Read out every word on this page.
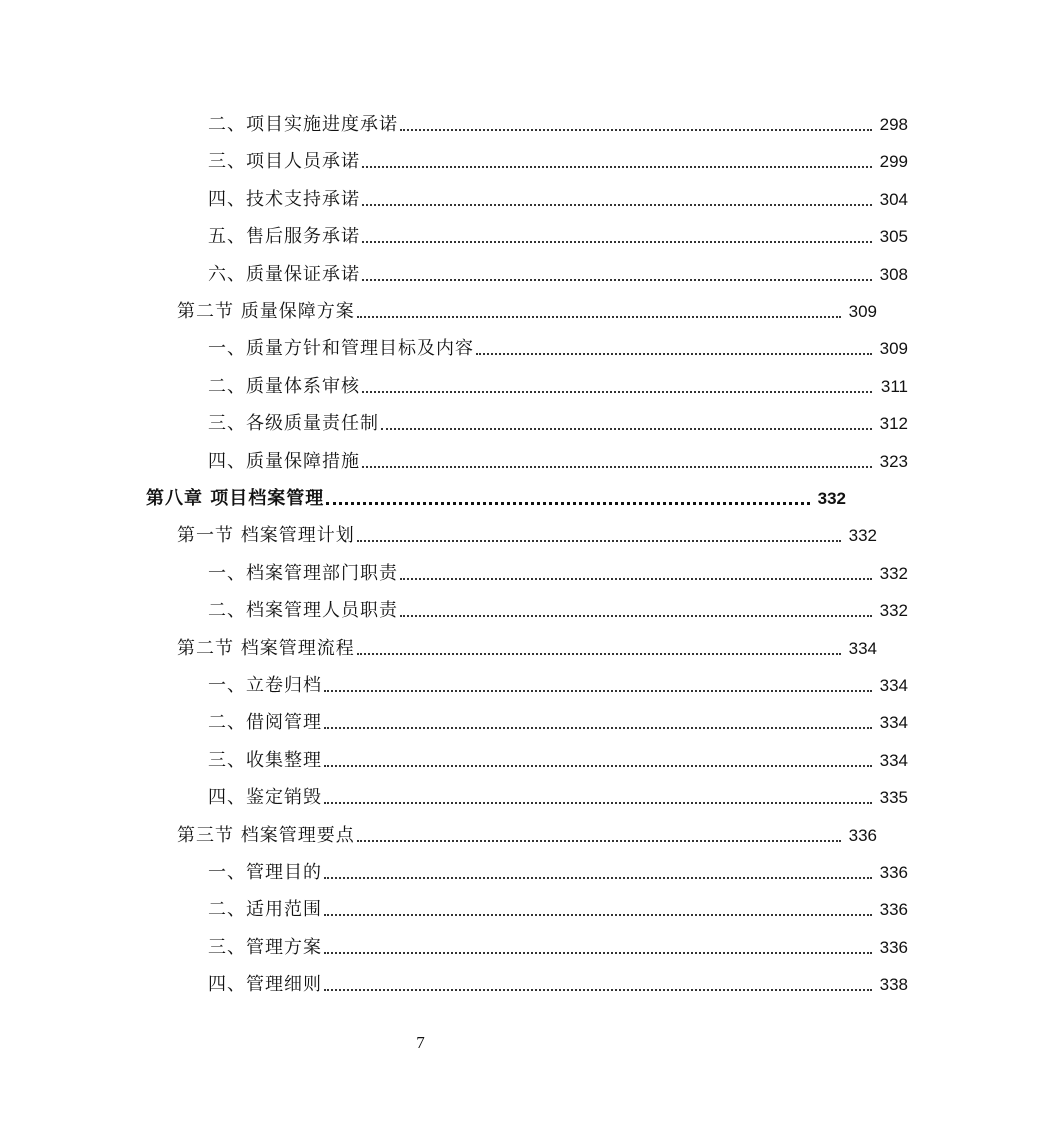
二、项目实施进度承诺	298
三、项目人员承诺	299
四、技术支持承诺	304
五、售后服务承诺	305
六、质量保证承诺	308
第二节 质量保障方案	309
一、质量方针和管理目标及内容	309
二、质量体系审核	311
三、各级质量责任制	312
四、质量保障措施	323
第八章 项目档案管理	332
第一节 档案管理计划	332
一、档案管理部门职责	332
二、档案管理人员职责	332
第二节 档案管理流程	334
一、立卷归档	334
二、借阅管理	334
三、收集整理	334
四、鉴定销毁	335
第三节 档案管理要点	336
一、管理目的	336
二、适用范围	336
三、管理方案	336
四、管理细则	338
7
